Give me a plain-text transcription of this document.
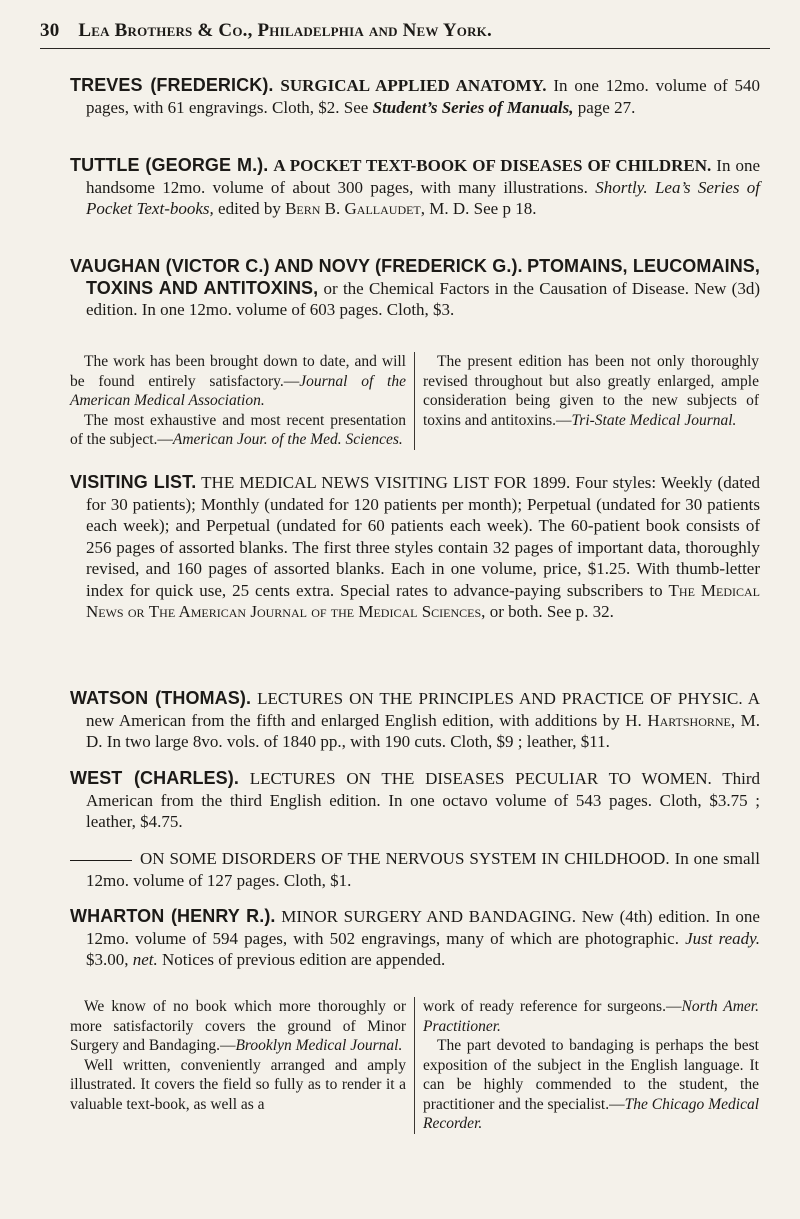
30 Lea Brothers & Co., Philadelphia and New York.

TREVES (FREDERICK). SURGICAL APPLIED ANATOMY. In one 12mo. volume of 540 pages, with 61 engravings. Cloth, $2. See Student’s Series of Manuals, page 27.

TUTTLE (GEORGE M.). A POCKET TEXT-BOOK OF DISEASES OF CHILDREN. In one handsome 12mo. volume of about 300 pages, with many illustrations. Shortly. Lea’s Series of Pocket Text-books, edited by Bern B. Gallaudet, M. D. See p 18.

VAUGHAN (VICTOR C.) AND NOVY (FREDERICK G.). PTOMAINS, LEUCOMAINS, TOXINS AND ANTITOXINS, or the Chemical Factors in the Causation of Disease. New (3d) edition. In one 12mo. volume of 603 pages. Cloth, $3.

The work has been brought down to date, and will be found entirely satisfactory.—Journal of the American Medical Association.

The most exhaustive and most recent presentation of the subject.—American Jour. of the Med. Sciences.

The present edition has been not only thoroughly revised throughout but also greatly enlarged, ample consideration being given to the new subjects of toxins and antitoxins.—Tri-State Medical Journal.

VISITING LIST. THE MEDICAL NEWS VISITING LIST FOR 1899. Four styles: Weekly (dated for 30 patients); Monthly (undated for 120 patients per month); Perpetual (undated for 30 patients each week); and Perpetual (undated for 60 patients each week). The 60-patient book consists of 256 pages of assorted blanks. The first three styles contain 32 pages of important data, thoroughly revised, and 160 pages of assorted blanks. Each in one volume, price, $1.25. With thumb-letter index for quick use, 25 cents extra. Special rates to advance-paying subscribers to The Medical News or The American Journal of the Medical Sciences, or both. See p. 32.

WATSON (THOMAS). LECTURES ON THE PRINCIPLES AND PRACTICE OF PHYSIC. A new American from the fifth and enlarged English edition, with additions by H. Hartshorne, M. D. In two large 8vo. vols. of 1840 pp., with 190 cuts. Cloth, $9 ; leather, $11.

WEST (CHARLES). LECTURES ON THE DISEASES PECULIAR TO WOMEN. Third American from the third English edition. In one octavo volume of 543 pages. Cloth, $3.75 ; leather, $4.75.

ON SOME DISORDERS OF THE NERVOUS SYSTEM IN CHILDHOOD. In one small 12mo. volume of 127 pages. Cloth, $1.

WHARTON (HENRY R.). MINOR SURGERY AND BANDAGING. New (4th) edition. In one 12mo. volume of 594 pages, with 502 engravings, many of which are photographic. Just ready. $3.00, net. Notices of previous edition are appended.

We know of no book which more thoroughly or more satisfactorily covers the ground of Minor Surgery and Bandaging.—Brooklyn Medical Journal.

Well written, conveniently arranged and amply illustrated. It covers the field so fully as to render it a valuable text-book, as well as a

work of ready reference for surgeons.—North Amer. Practitioner.

The part devoted to bandaging is perhaps the best exposition of the subject in the English language. It can be highly commended to the student, the practitioner and the specialist.—The Chicago Medical Recorder.
